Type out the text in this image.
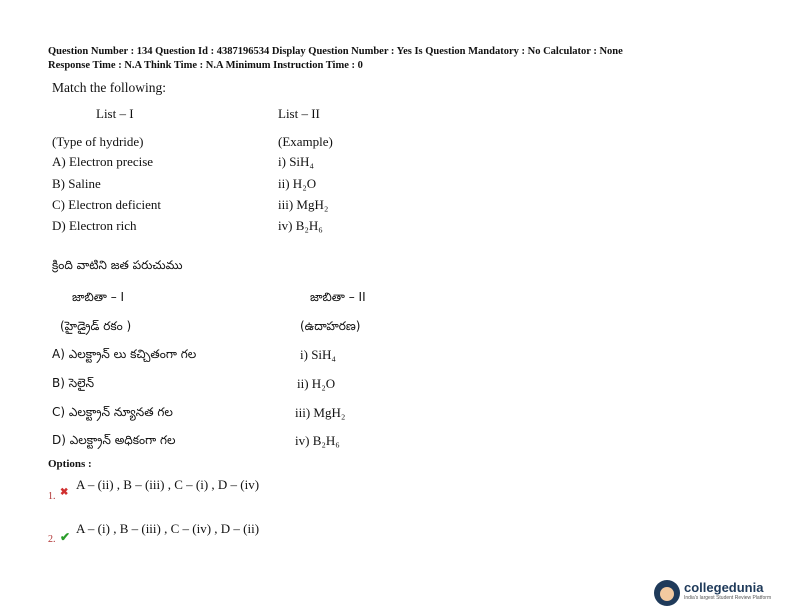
Question Number : 134 Question Id : 4387196534 Display Question Number : Yes Is Question Mandatory : No Calculator : None
Response Time : N.A Think Time : N.A Minimum Instruction Time : 0
Match the following:
List – I	List – II
(Type of hydride)
A) Electron precise
B) Saline
C) Electron deficient
D) Electron rich
(Example)
i) SiH₄
ii) H₂O
iii) MgH₂
iv) B₂H₆
క్రింది వాటిని జత పరుచుము
జాబితా – I	జాబితా – II
(హైడ్రైడ్ రకం )
A) ఎలక్ట్రాన్ లు కచ్చితంగా గల
B) సెలైన్
C) ఎలక్ట్రాన్ న్యూనత గల
D) ఎలక్ట్రాన్ అధికంగా గల
(ఉదాహరణ)
i) SiH₄
ii) H₂O
iii) MgH₂
iv) B₂H₆
Options :
1. ✖
A – (ii) , B – (iii) , C – (i) , D – (iv)
2. ✔
A – (i) , B – (iii) , C – (iv) , D – (ii)
collegedunia
India's largest Student Review Platform
